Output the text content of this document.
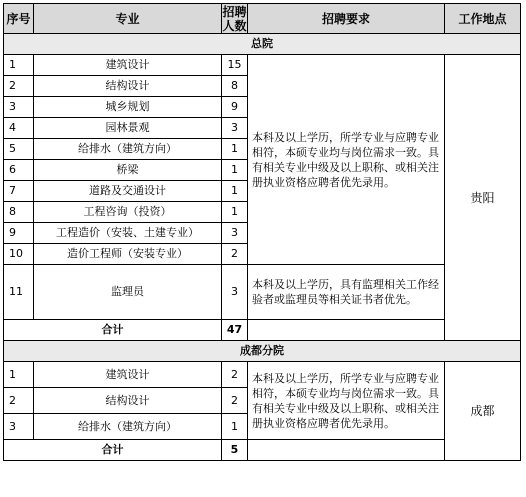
序号	专业	招聘人数	招聘要求	工作地点
总院				
1	建筑设计	15	本科及以上学历，所学专业与应聘专业相符，本硕专业均与岗位需求一致。具有相关专业中级及以上职称、或相关注册执业资格应聘者优先录用。	贵阳
2	结构设计	8		
3	城乡规划	9		
4	园林景观	3		
5	给排水（建筑方向）	1		
6	桥梁	1		
7	道路及交通设计	1		
8	工程咨询（投资）	1		
9	工程造价（安装、土建专业）	3		
10	造价工程师（安装专业）	2		
11	监理员	3	本科及以上学历，具有监理相关工作经验者或监理员等相关证书者优先。	
合计		47		
成都分院				
1	建筑设计	2	本科及以上学历，所学专业与应聘专业相符，本硕专业均与岗位需求一致。具有相关专业中级及以上职称、或相关注册执业资格应聘者优先录用。	成都
2	结构设计	2		
3	给排水（建筑方向）	1		
合计		5		
